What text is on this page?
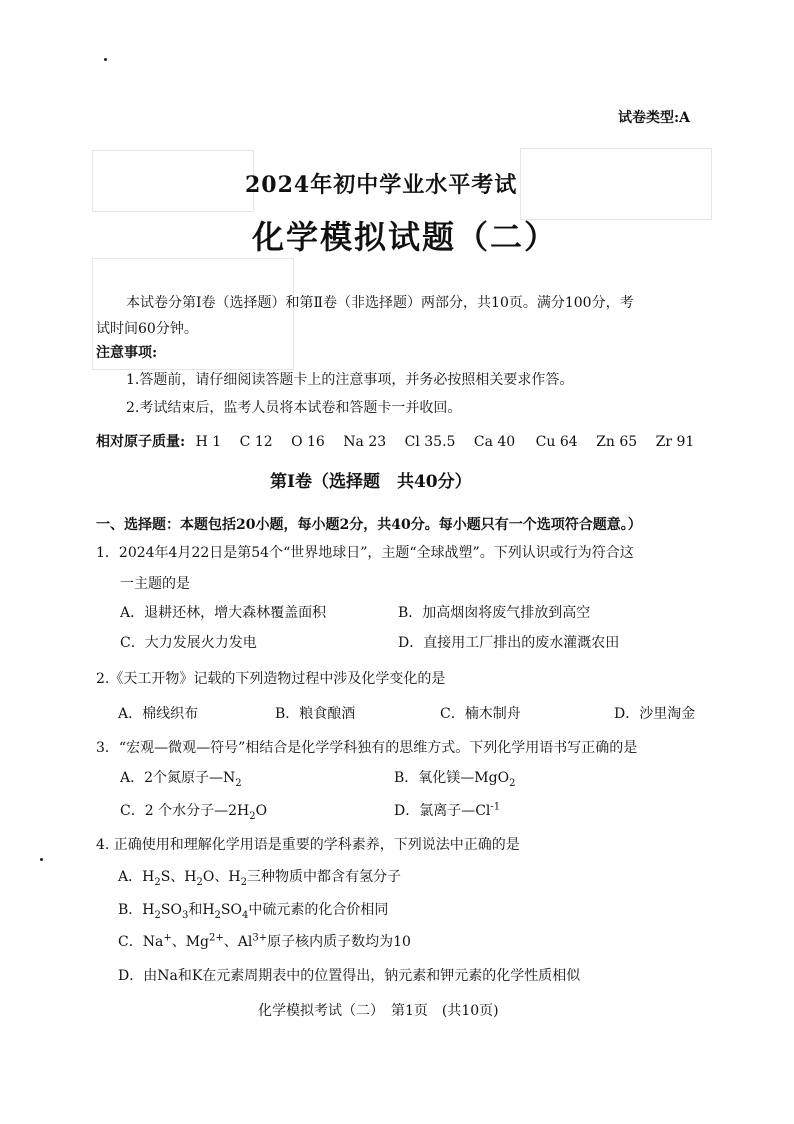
试卷类型:A
2024年初中学业水平考试
化学模拟试题（二）
本试卷分第Ⅰ卷（选择题）和第Ⅱ卷（非选择题）两部分，共10页。满分100分，考
试时间60分钟。
注意事项:
1.答题前，请仔细阅读答题卡上的注意事项，并务必按照相关要求作答。
2.考试结束后，监考人员将本试卷和答题卡一并收回。
相对原子质量: H 1 C 12 O 16 Na 23 Cl 35.5 Ca 40 Cu 64 Zn 65 Zr 91
第Ⅰ卷（选择题　共40分）
一、选择题：本题包括20小题，每小题2分，共40分。每小题只有一个选项符合题意。）
1．2024年4月22日是第54个“世界地球日”，主题“全球战塑”。下列认识或行为符合这
一主题的是
A．退耕还林，增大森林覆盖面积	B．加高烟囱将废气排放到高空
C．大力发展火力发电	D．直接用工厂排出的废水灌溉农田
2.《天工开物》记载的下列造物过程中涉及化学变化的是
A．棉线织布	B．粮食酿酒	C．楠木制舟	D．沙里淘金
3．“宏观—微观—符号”相结合是化学学科独有的思维方式。下列化学用语书写正确的是
A．2个氮原子$—N_2$	B．氧化镁—MgO$_2$
C．2 个水分子$—2H_2O$	D．氯离子$—Cl^{-1}$
4. 正确使用和理解化学用语是重要的学科素养，下列说法中正确的是
A．$H_2S$、$H_2O$、$H_2$三种物质中都含有氢分子
B．$H_2SO_3$和$H_2SO_4$中硫元素的化合价相同
C．Na+、$Mg^{2+}$、$Al^{3+}$原子核内质子数均为10
D．由Na和K在元素周期表中的位置得出，钠元素和钾元素的化学性质相似
化学模拟考试（二）　第1页　(共10页)
